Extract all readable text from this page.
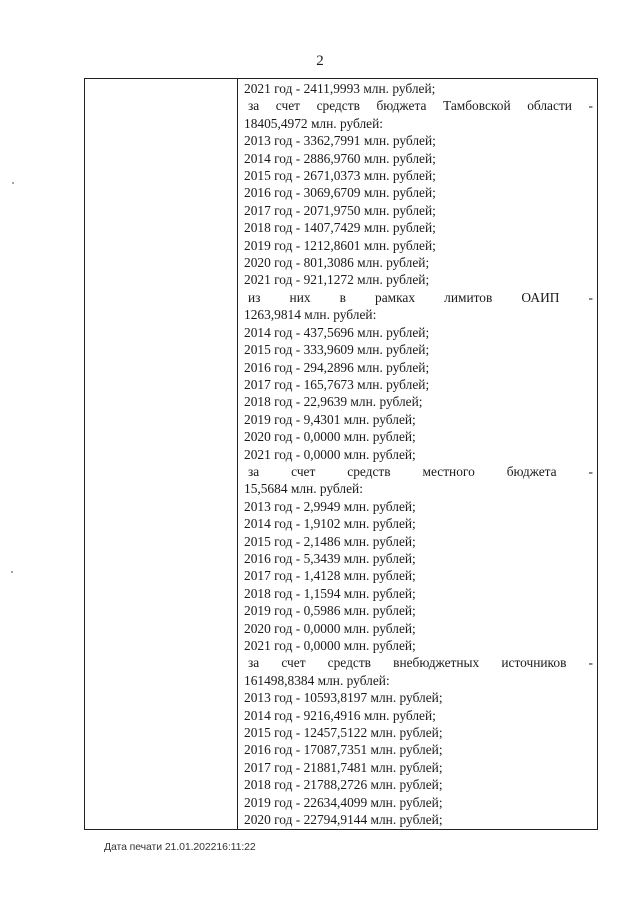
2
2021 год - 2411,9993 млн. рублей;
за счет средств бюджета Тамбовской области -
18405,4972 млн. рублей:
2013 год - 3362,7991 млн. рублей;
2014 год - 2886,9760 млн. рублей;
2015 год - 2671,0373 млн. рублей;
2016 год - 3069,6709 млн. рублей;
2017 год - 2071,9750 млн. рублей;
2018 год - 1407,7429 млн. рублей;
2019 год - 1212,8601 млн. рублей;
2020 год - 801,3086 млн. рублей;
2021 год - 921,1272 млн. рублей;
из них в рамках лимитов ОАИП -
1263,9814 млн. рублей:
2014 год - 437,5696 млн. рублей;
2015 год - 333,9609 млн. рублей;
2016 год - 294,2896 млн. рублей;
2017 год - 165,7673 млн. рублей;
2018 год - 22,9639 млн. рублей;
2019 год - 9,4301 млн. рублей;
2020 год - 0,0000 млн. рублей;
2021 год - 0,0000 млн. рублей;
за счет средств местного бюджета -
15,5684 млн. рублей:
2013 год - 2,9949 млн. рублей;
2014 год - 1,9102 млн. рублей;
2015 год - 2,1486 млн. рублей;
2016 год - 5,3439 млн. рублей;
2017 год - 1,4128 млн. рублей;
2018 год - 1,1594 млн. рублей;
2019 год - 0,5986 млн. рублей;
2020 год - 0,0000 млн. рублей;
2021 год - 0,0000 млн. рублей;
за счет средств внебюджетных источников -
161498,8384 млн. рублей:
2013 год - 10593,8197 млн. рублей;
2014 год - 9216,4916 млн. рублей;
2015 год - 12457,5122 млн. рублей;
2016 год - 17087,7351 млн. рублей;
2017 год - 21881,7481 млн. рублей;
2018 год - 21788,2726 млн. рублей;
2019 год - 22634,4099 млн. рублей;
2020 год - 22794,9144 млн. рублей;
Дата печати 21.01.202216:11:22
